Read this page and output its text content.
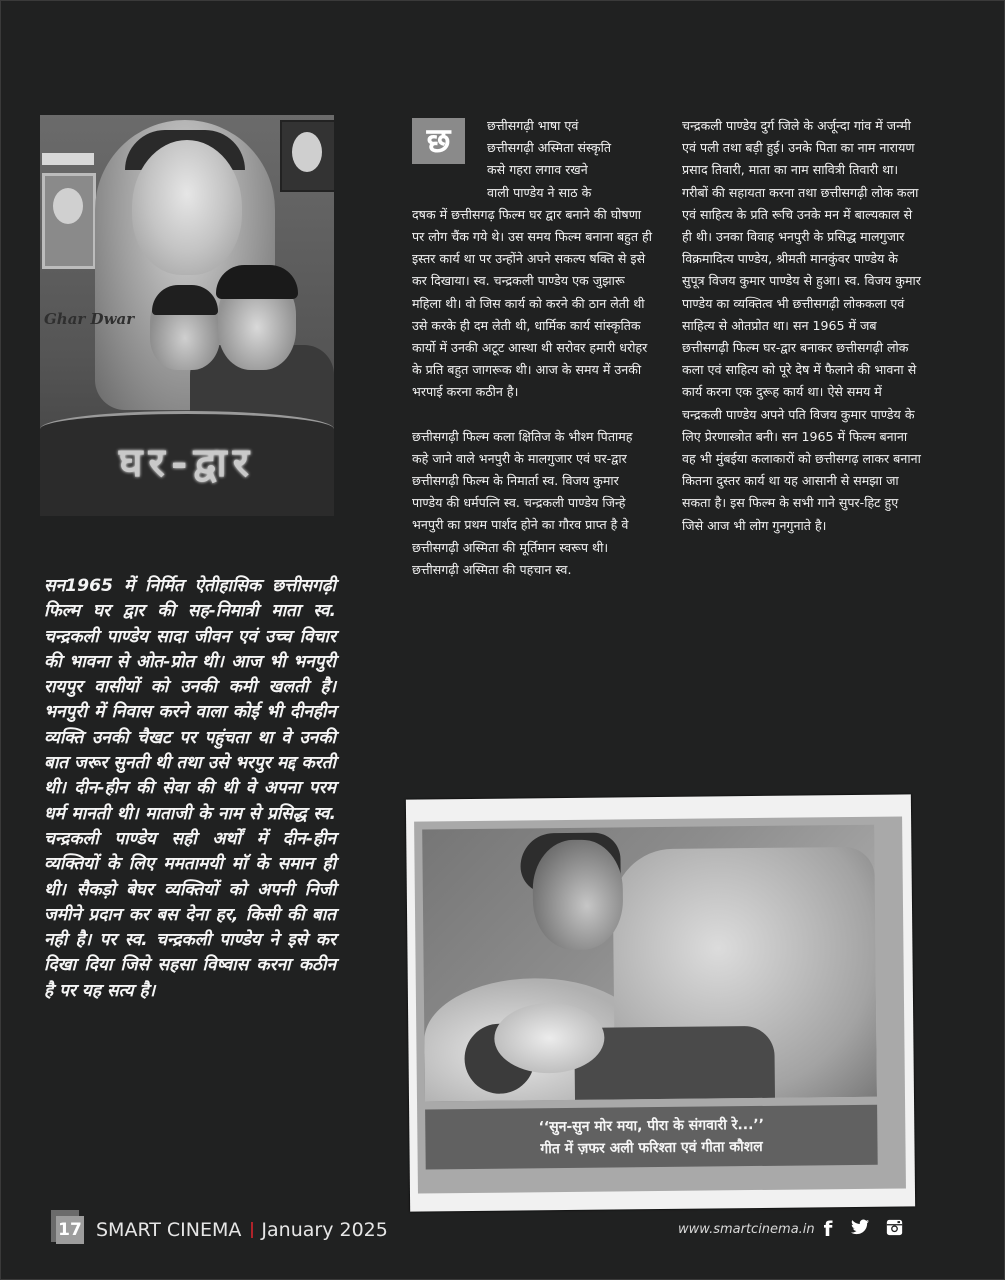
Ghar Dwar
घर-द्वार
सन1965 में निर्मित ऐतीहासिक छत्तीसगढ़ी फिल्म घर द्वार की सह-निमात्री माता स्व. चन्द्रकली पाण्डेय सादा जीवन एवं उच्च विचार की भावना से ओत-प्रोत थी। आज भी भनपुरी रायपुर वासीयों को उनकी कमी खलती है। भनपुरी में निवास करने वाला कोई भी दीनहीन व्यक्ति उनकी चैखट पर पहुंचता था वे उनकी बात जरूर सुनती थी तथा उसे भरपुर मद्द करती थी। दीन-हीन की सेवा की थी वे अपना परम धर्म मानती थी। माताजी के नाम से प्रसिद्ध स्व. चन्द्रकली पाण्डेय सही अर्थों में दीन-हीन व्यक्तियों के लिए ममतामयी माॅ के समान ही थी। सैकड़ो बेघर व्यक्तियों को अपनी निजी जमीने प्रदान कर बस देना हर, किसी की बात नही है। पर स्व. चन्द्रकली पाण्डेय ने इसे कर दिखा दिया जिसे सहसा विष्वास करना कठीन है पर यह सत्य है।
छ	छत्तीसगढ़ी भाषा एवं
छत्तीसगढ़ी अस्मिता संस्कृति
कसे गहरा लगाव रखने
वाली पाण्डेय ने साठ के
दषक में छत्तीसगढ़ फिल्म घर द्वार बनाने की घोषणा पर लोग चैंक गये थे। उस समय फिल्म बनाना बहुत ही इस्तर कार्य था पर उन्होंने अपने सकल्प षक्ति से इसे कर दिखाया। स्व. चन्द्रकली पाण्डेय एक जुझारू महिला थी। वो जिस कार्य को करने की ठान लेती थी उसे करके ही दम लेती थी, धार्मिक कार्य सांस्कृतिक कार्यो में उनकी अटूट आस्था थी सरोवर हमारी धरोहर के प्रति बहुत जागरूक थी। आज के समय में उनकी भरपाई करना कठीन है।

छत्तीसगढ़ी फिल्म कला क्षितिज के भीश्म पितामह कहे जाने वाले भनपुरी के मालगुजार एवं घर-द्वार छत्तीसगढ़ी फिल्म के निमार्ता स्व. विजय कुमार पाण्डेय की धर्मपत्नि स्व. चन्द्रकली पाण्डेय जिन्हे भनपुरी का प्रथम पार्शद होने का गौरव प्राप्त है वे छत्तीसगढ़ी अस्मिता की मूर्तिमान स्वरूप थी। छत्तीसगढ़ी अस्मिता की पहचान स्व.

चन्द्रकली पाण्डेय दुर्ग जिले के अर्जून्दा गांव में जन्मी एवं पली तथा बड़ी हुई। उनके पिता का नाम नारायण प्रसाद तिवारी, माता का नाम सावित्री तिवारी था। गरीबों की सहायता करना तथा छत्तीसगढ़ी लोक कला एवं साहित्य के प्रति रूचि उनके मन में बाल्यकाल से ही थी। उनका विवाह भनपुरी के प्रसिद्ध मालगुजार विक्रमादित्य पाण्डेय, श्रीमती मानकुंवर पाण्डेय के सुपूत्र विजय कुमार पाण्डेय से हुआ। स्व. विजय कुमार पाण्डेय का व्यक्तित्व भी छत्तीसगढ़ी लोककला एवं साहित्य से ओतप्रोत था। सन 1965 में जब छत्तीसगढ़ी फिल्म घर-द्वार बनाकर छत्तीसगढ़ी लोक कला एवं साहित्य को पूरे देष में फैलाने की भावना से कार्य करना एक दुरूह कार्य था। ऐसे समय में चन्द्रकली पाण्डेय अपने पति विजय कुमार पाण्डेय के लिए प्रेरणास्त्रोत बनी। सन 1965 में फिल्म बनाना वह भी मुंबईया कलाकारों को छत्तीसगढ़ लाकर बनाना कितना दुस्तर कार्य था यह आसानी से समझा जा सकता है। इस फिल्म के सभी गाने सुपर-हिट हुए जिसे आज भी लोग गुनगुनाते है।

‘‘सुन-सुन मोर मया, पीरा के संगवारी रे...’’
गीत में ज़फर अली फरिश्ता एवं गीता कौशल
17 SMART CINEMA January 2025	www.smartcinema.in f
